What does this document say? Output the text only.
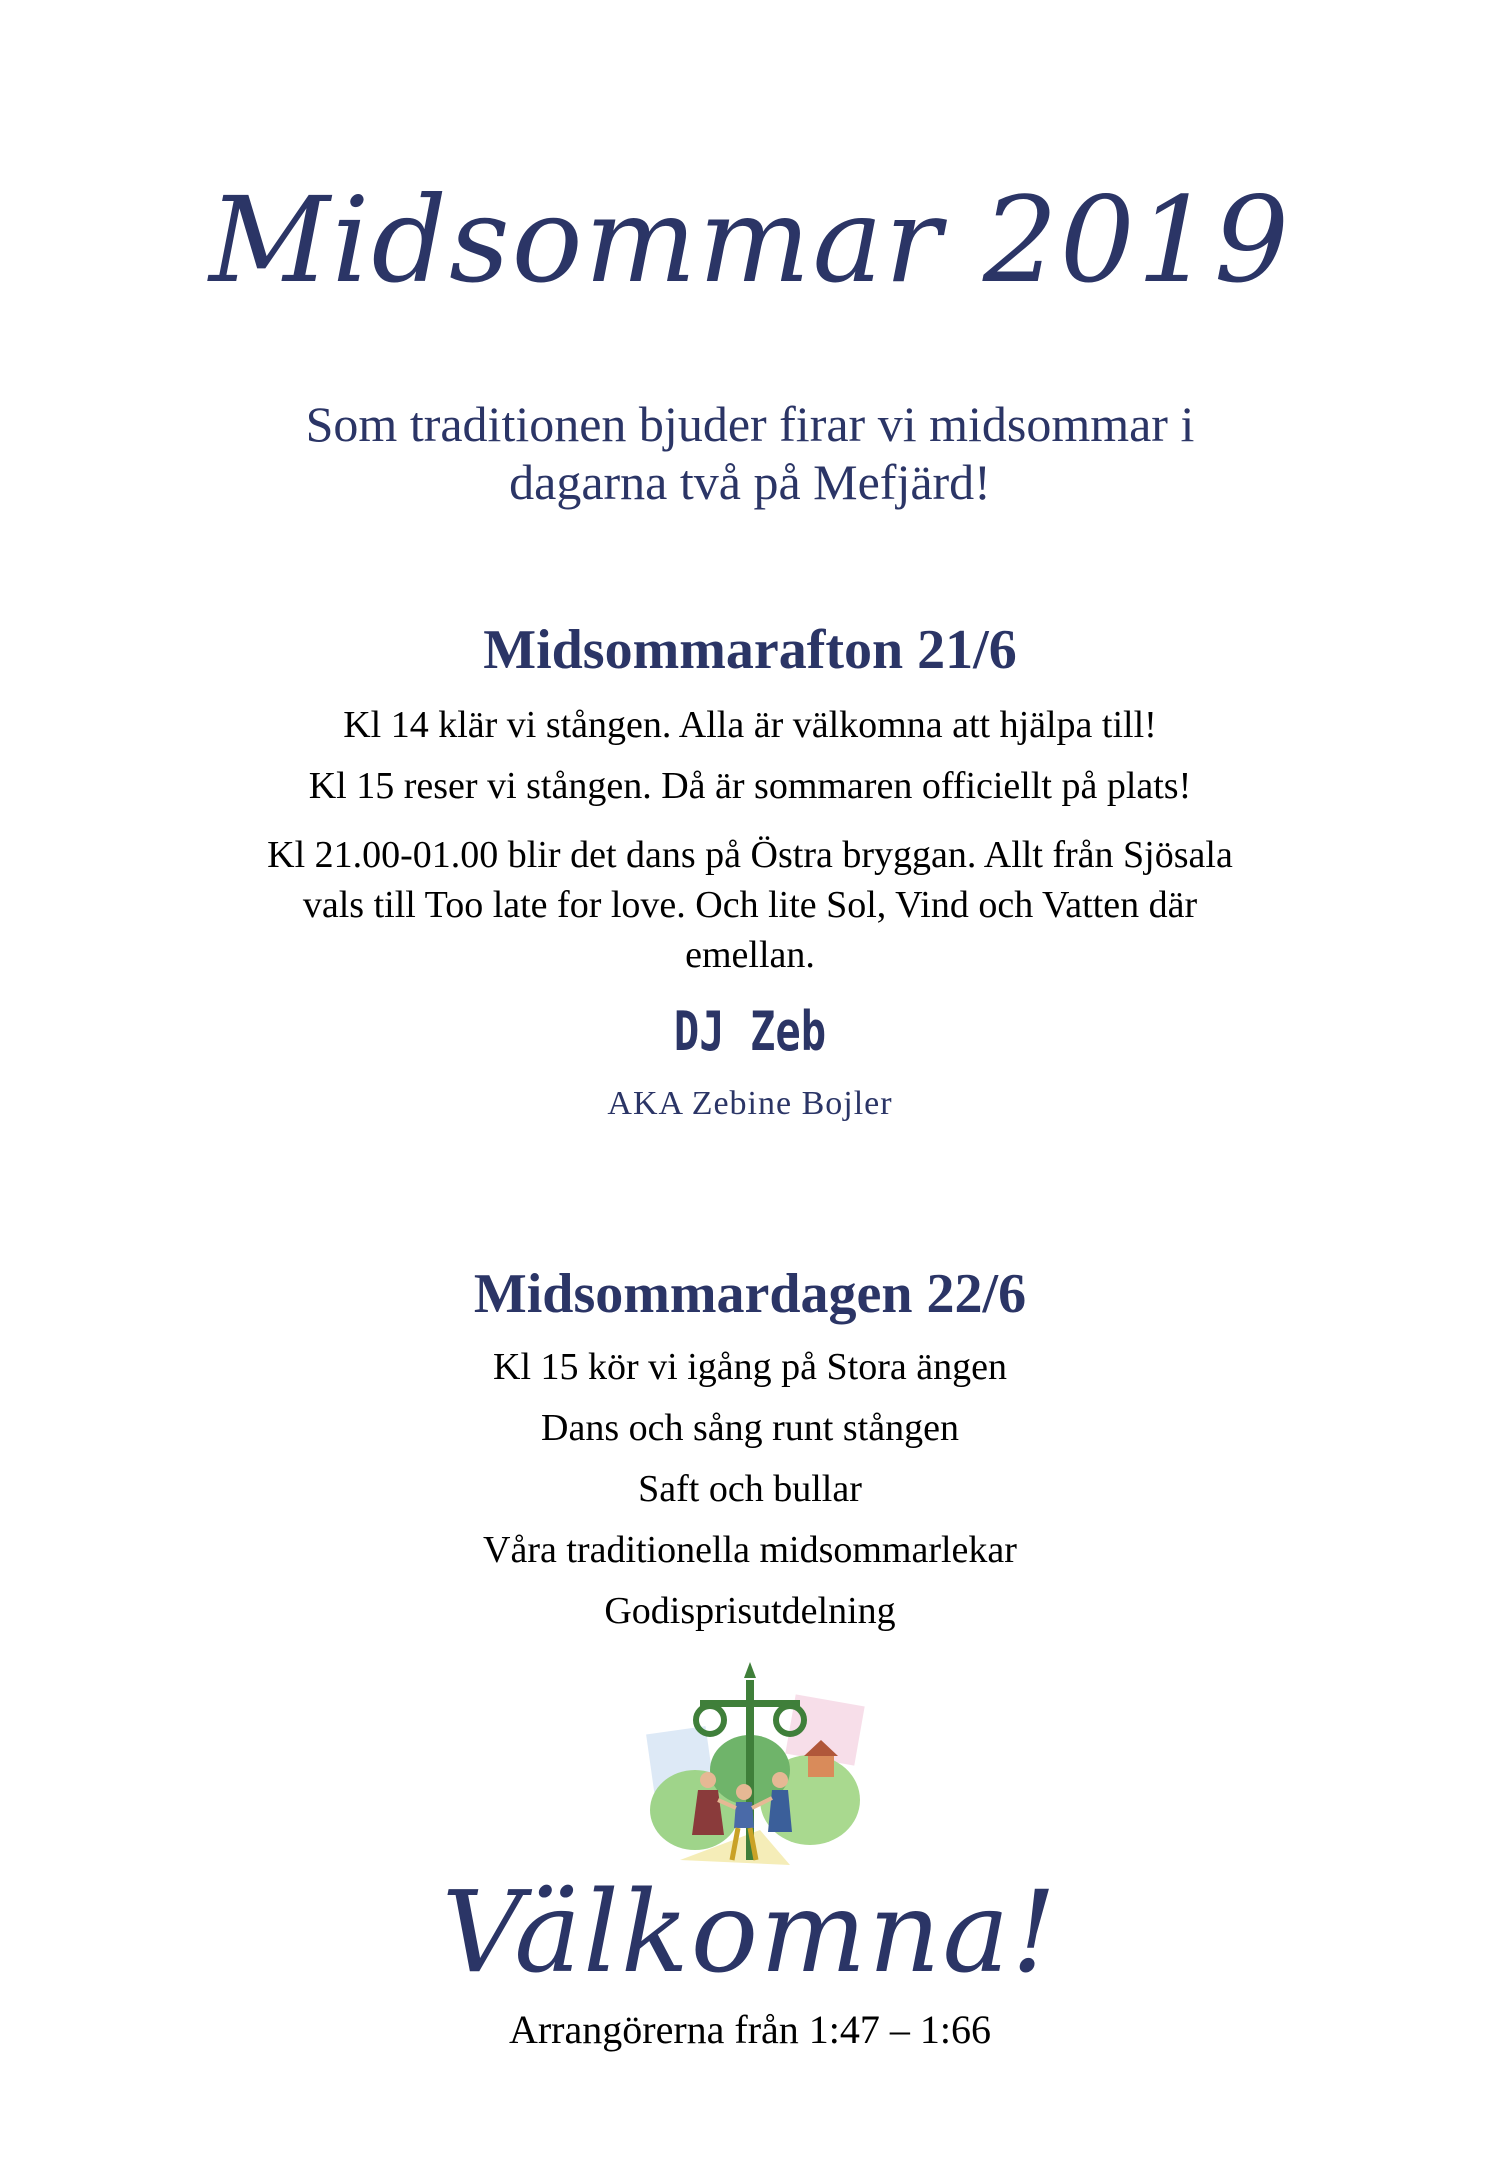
Midsommar 2019
Som traditionen bjuder firar vi midsommar i
dagarna två på Mefjärd!
Midsommarafton 21/6
Kl 14 klär vi stången. Alla är välkomna att hjälpa till!
Kl 15 reser vi stången. Då är sommaren officiellt på plats!
Kl 21.00-01.00 blir det dans på Östra bryggan. Allt från Sjösala
vals till Too late for love. Och lite Sol, Vind och Vatten där
emellan.
DJ Zeb
AKA Zebine Bojler
Midsommardagen 22/6
Kl 15 kör vi igång på Stora ängen
Dans och sång runt stången
Saft och bullar
Våra traditionella midsommarlekar
Godisprisutdelning
Välkomna!
Arrangörerna från 1:47 – 1:66
